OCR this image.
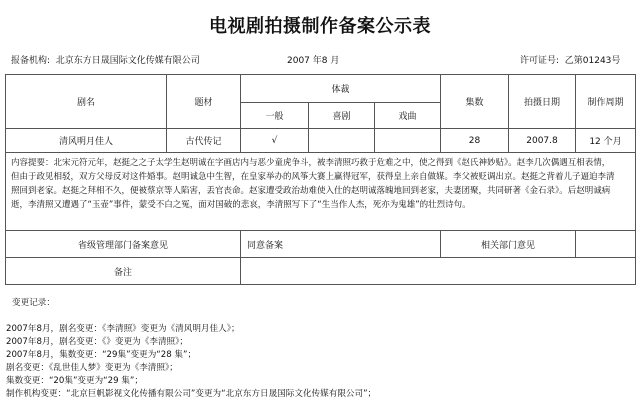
电视剧拍摄制作备案公示表
报备机构: 北京东方日晟国际文化传媒有限公司	2007 年8 月	许可证号: 乙第01243号
剧名	题材	体裁			集数	拍摄日期	制作周期
		一般	喜剧	戏曲			
清风明月佳人	古代传记	√			28	2007.8	12 个月

内容提要：北宋元符元年，赵挺之之子太学生赵明诚在字画店内与恶少童虎争斗，被李清照巧救于危难之中，使之得到《赵氏神妙贴》。赵李几次偶遇互相表情，
但由于政见相驳，双方父母反对这件婚事。赵明诚急中生智，在皇家举办的风筝大赛上赢得冠军，获得皇上亲自做媒。李父被贬调出京。赵挺之背着儿子逼迫李清
照回到老家。赵挺之拜相不久，便被蔡京等人陷害，丢官丧命。赵家遭受政治劫难使入仕的赵明诚落魄地回到老家，夫妻团聚，共同研著《金石录》。后赵明诚病
逝，李清照又遭遇了“玉壶”事件，蒙受不白之冤，面对国破的悲哀，李清照写下了“生当作人杰，死亦为鬼雄”的壮烈诗句。							

省级管理部门备案意见		同意备案			相关部门意见		
备注							
变更记录：
2007年8月，剧名变更：《李清照》变更为《清风明月佳人》；
2007年8月，剧名变更：《》变更为《李清照》；
2007年8月，集数变更：“29集”变更为“28 集”；
剧名变更：《乱世佳人梦》变更为《李清照》；
集数变更：“20集”变更为“29 集”；
制作机构变更：“北京巨帆影视文化传播有限公司”变更为“北京东方日晟国际文化传媒有限公司”；
